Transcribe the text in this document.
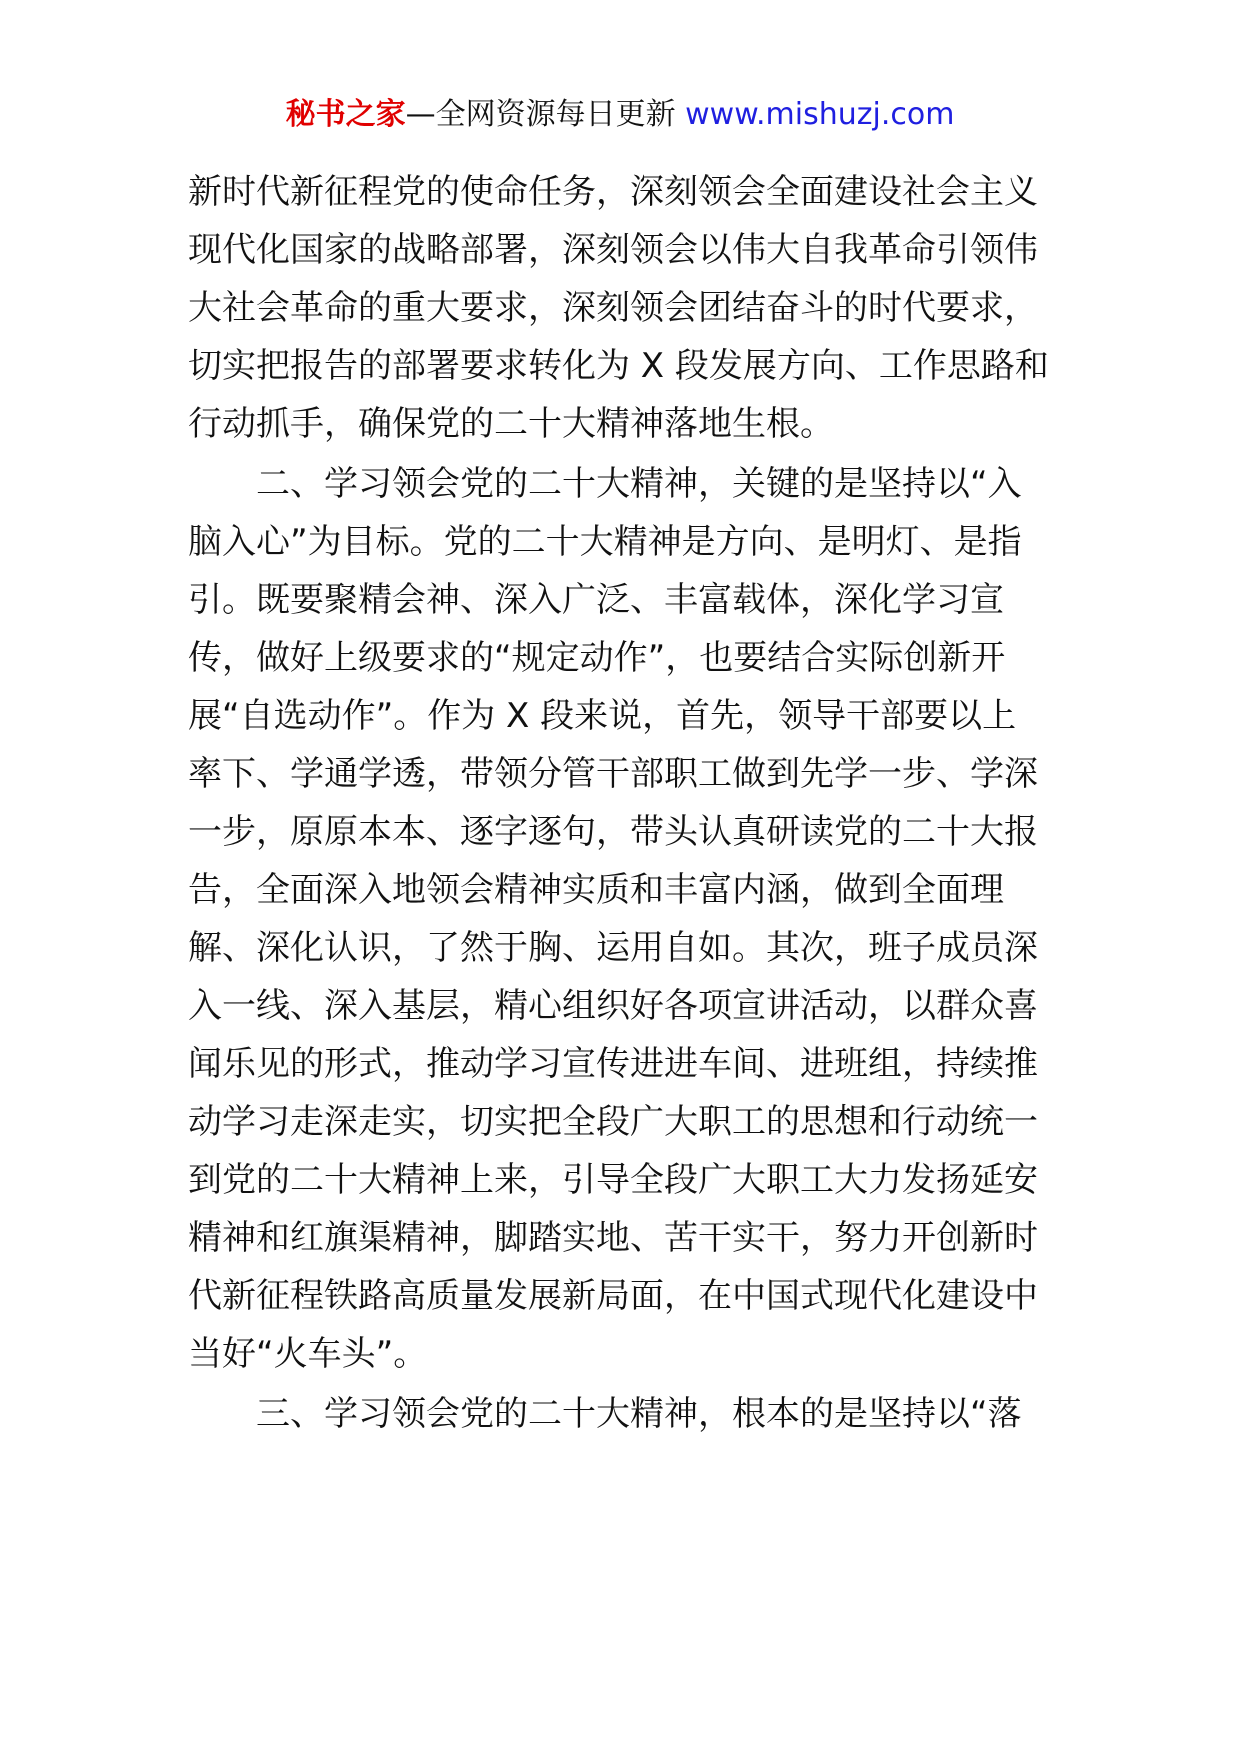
秘书之家—全网资源每日更新 www.mishuzj.com
新时代新征程党的使命任务，深刻领会全面建设社会主义
现代化国家的战略部署，深刻领会以伟大自我革命引领伟
大社会革命的重大要求，深刻领会团结奋斗的时代要求，
切实把报告的部署要求转化为 X 段发展方向、工作思路和
行动抓手，确保党的二十大精神落地生根。
二、学习领会党的二十大精神，关键的是坚持以“入
脑入心”为目标。党的二十大精神是方向、是明灯、是指
引。既要聚精会神、深入广泛、丰富载体，深化学习宣
传，做好上级要求的“规定动作”，也要结合实际创新开
展“自选动作”。作为 X 段来说，首先，领导干部要以上
率下、学通学透，带领分管干部职工做到先学一步、学深
一步，原原本本、逐字逐句，带头认真研读党的二十大报
告，全面深入地领会精神实质和丰富内涵，做到全面理
解、深化认识，了然于胸、运用自如。其次，班子成员深
入一线、深入基层，精心组织好各项宣讲活动，以群众喜
闻乐见的形式，推动学习宣传进进车间、进班组，持续推
动学习走深走实，切实把全段广大职工的思想和行动统一
到党的二十大精神上来，引导全段广大职工大力发扬延安
精神和红旗渠精神，脚踏实地、苦干实干，努力开创新时
代新征程铁路高质量发展新局面，在中国式现代化建设中
当好“火车头”。
三、学习领会党的二十大精神，根本的是坚持以“落
